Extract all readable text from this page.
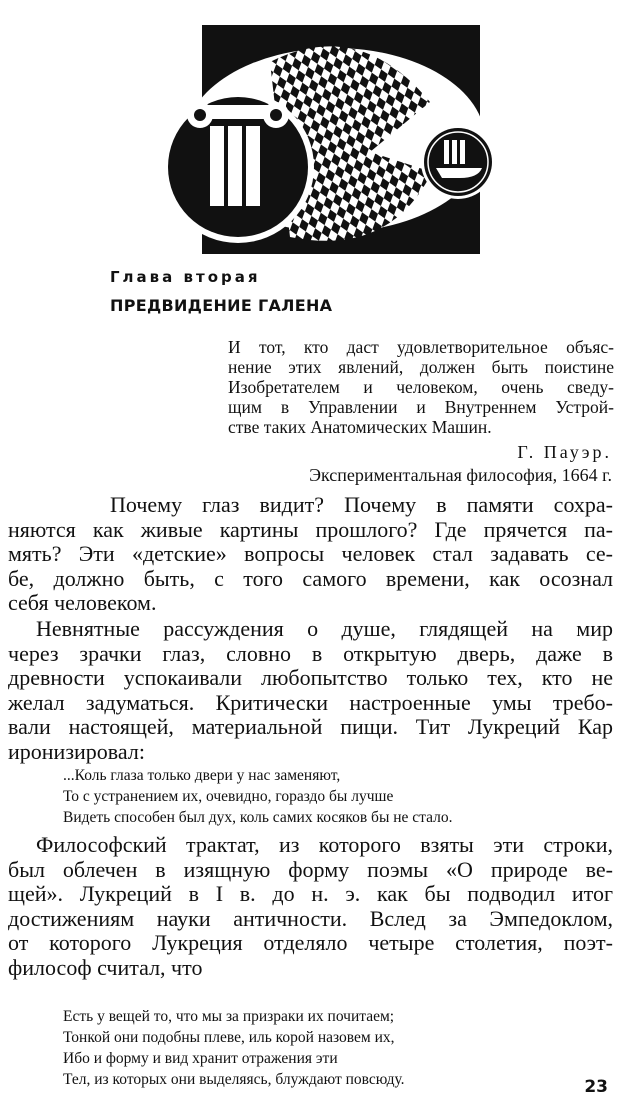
Глава вторая
ПРЕДВИДЕНИЕ ГАЛЕНА
И тот, кто даст удовлетворительное объяс-
нение этих явлений, должен быть поистине
Изобретателем и человеком, очень сведу-
щим в Управлении и Внутреннем Устрой-
стве таких Анатомических Машин.
Г. Пауэр.
Экспериментальная философия, 1664 г.
Почему глаз видит? Почему в памяти сохра-
няются как живые картины прошлого? Где прячется па-
мять? Эти «детские» вопросы человек стал задавать се-
бе, должно быть, с того самого времени, как осознал
себя человеком.
Невнятные рассуждения о душе, глядящей на мир
через зрачки глаз, словно в открытую дверь, даже в
древности успокаивали любопытство только тех, кто не
желал задуматься. Критически настроенные умы требо-
вали настоящей, материальной пищи. Тит Лукреций Кар
иронизировал:
...Коль глаза только двери у нас заменяют,
То с устранением их, очевидно, гораздо бы лучше
Видеть способен был дух, коль самих косяков бы не стало.
Философский трактат, из которого взяты эти строки,
был облечен в изящную форму поэмы «О природе ве-
щей». Лукреций в I в. до н. э. как бы подводил итог
достижениям науки античности. Вслед за Эмпедоклом,
от которого Лукреция отделяло четыре столетия, поэт-
философ считал, что
Есть у вещей то, что мы за призраки их почитаем;
Тонкой они подобны плеве, иль корой назовем их,
Ибо и форму и вид хранит отражения эти
Тел, из которых они выделяясь, блуждают повсюду.	23
